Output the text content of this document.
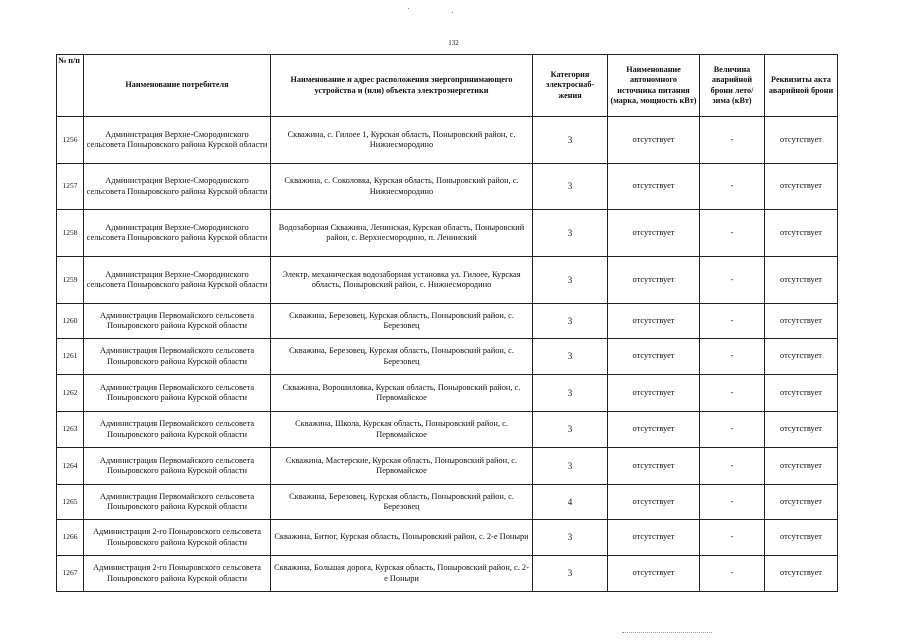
132
№ п/п	Наименование потребителя	Наименование и адрес расположения энергопринимающего устройства и (или) объекта электроэнергетики	Категория электроснаб-жения	Наименование автономного источника питания (марка, мощность кВт)	Величина аварийной брони лето/зима (кВт)	Реквизиты акта аварийной брони
1256	Администрация Верхне-Смородинского сельсовета Поныровского района Курской области	Скважина, с. Гилоее 1, Курская область, Поныровский район, с. Нижнесмородино	3	отсутствует	-	отсутствует
1257	Администрация Верхне-Смородинского сельсовета Поныровского района Курской области	Скважина, с. Соколовка, Курская область, Поныровский район, с. Нижнесмородино	3	отсутствует	-	отсутствует
1258	Администрация Верхне-Смородинского сельсовета Поныровского района Курской области	Водозаборная Скважина, Ленинская, Курская область, Поныровский район, с. Верхнесмородино, п. Ленинский	3	отсутствует	-	отсутствует
1259	Администрация Верхне-Смородинского сельсовета Поныровского района Курской области	Электр. механическая водозаборная установка ул. Гилоее, Курская область, Поныровский район, с. Нижнесмородино	3	отсутствует	-	отсутствует
1260	Администрация Первомайского сельсовета Поныровского района Курской области	Скважина, Березовец, Курская область, Поныровский район, с. Березовец	3	отсутствует	-	отсутствует
1261	Администрация Первомайского сельсовета Поныровского района Курской области	Скважина, Березовец, Курская область, Поныровский район, с. Березовец	3	отсутствует	-	отсутствует
1262	Администрация Первомайского сельсовета Поныровского района Курской области	Скважина, Ворошиловка, Курская область, Поныровский район, с. Первомайское	3	отсутствует	-	отсутствует
1263	Администрация Первомайского сельсовета Поныровского района Курской области	Скважина, Школа, Курская область, Поныровский район, с. Первомайское	3	отсутствует	-	отсутствует
1264	Администрация Первомайского сельсовета Поныровского района Курской области	Скважина, Мастерские, Курская область, Поныровский район, с. Первомайское	3	отсутствует	-	отсутствует
1265	Администрация Первомайского сельсовета Поныровского района Курской области	Скважина, Березовец, Курская область, Поныровский район, с. Березовец	4	отсутствует	-	отсутствует
1266	Администрация 2-го Поныровского сельсовета Поныровского района Курской области	Скважина, Битюг, Курская область, Поныровский район, с. 2-е Поныри	3	отсутствует	-	отсутствует
1267	Администрация 2-го Поныровского сельсовета Поныровского района Курской области	Скважина, Большая дорога, Курская область, Поныровский район, с. 2-е Поныри	3	отсутствует	-	отсутствует
